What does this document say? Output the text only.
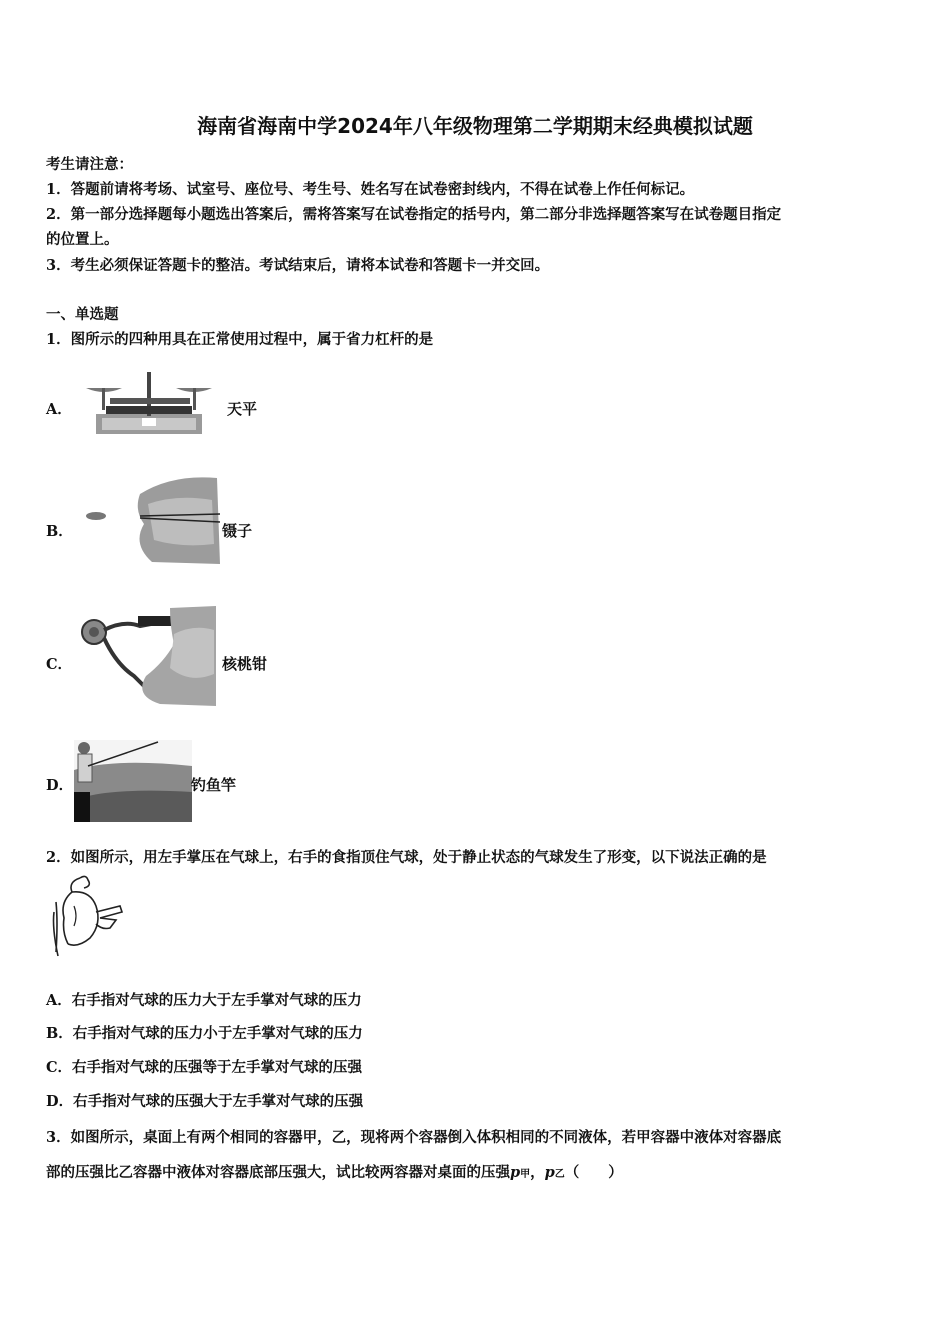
海南省海南中学2024年八年级物理第二学期期末经典模拟试题
考生请注意：
1．答题前请将考场、试室号、座位号、考生号、姓名写在试卷密封线内，不得在试卷上作任何标记。
2．第一部分选择题每小题选出答案后，需将答案写在试卷指定的括号内，第二部分非选择题答案写在试卷题目指定
的位置上。
3．考生必须保证答题卡的整洁。考试结束后，请将本试卷和答题卡一并交回。
一、单选题
1．图所示的四种用具在正常使用过程中，属于省力杠杆的是
A．	天平
B．	镊子
C．	核桃钳
D．	钓鱼竿
2．如图所示，用左手掌压在气球上，右手的食指顶住气球，处于静止状态的气球发生了形变，以下说法正确的是
A．右手指对气球的压力大于左手掌对气球的压力
B．右手指对气球的压力小于左手掌对气球的压力
C．右手指对气球的压强等于左手掌对气球的压强
D．右手指对气球的压强大于左手掌对气球的压强
3．如图所示，桌面上有两个相同的容器甲，乙，现将两个容器倒入体积相同的不同液体，若甲容器中液体对容器底
部的压强比乙容器中液体对容器底部压强大，试比较两容器对桌面的压强p甲，p乙（　　）
